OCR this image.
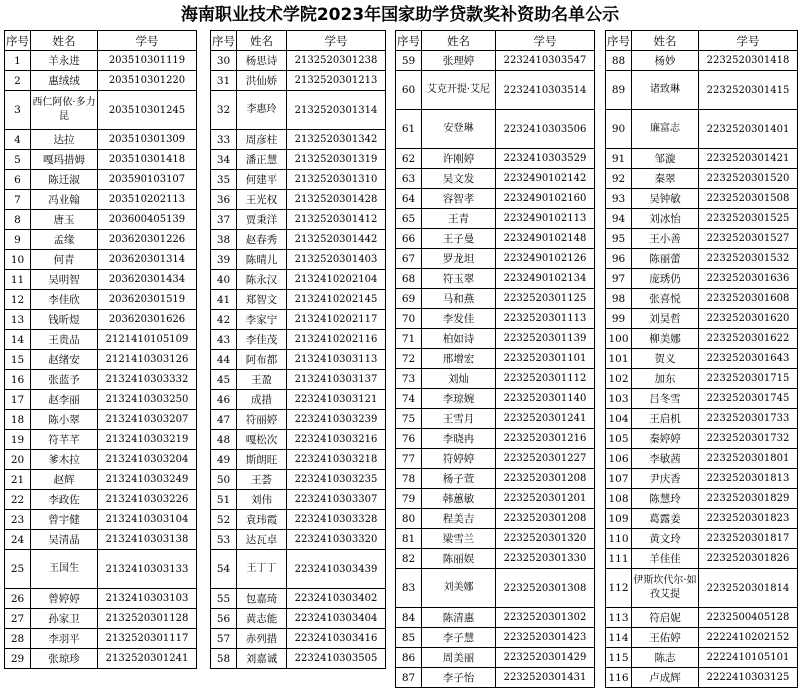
海南职业技术学院2023年国家助学贷款奖补资助名单公示
序号	姓名	学号
1	羊永进	203510301119
2	惠绒绒	203510301220
3	西仁阿依·多力昆	203510301245
4	达拉	203510301309
5	嘎玛措姆	203510301418
6	陈迁淑	203590103107
7	冯业翰	203510202113
8	唐玉	203600405139
9	孟缘	203620301226
10	何青	203620301314
11	吴明智	203620301434
12	李佳欣	203620301519
13	钱昕煜	203620301626
14	王贵品	2121410105109
15	赵绪安	2121410303126
16	张蓝予	2132410303332
17	赵李丽	2132410303250
18	陈小翠	2132410303207
19	符芊芊	2132410303219
20	爹木拉	2132410303204
21	赵辉	2132410303249
22	李政佐	2132410303226
23	曾宇健	2132410303104
24	吴清晶	2132410303138
25	王国生	2132410303133
26	曾婷婷	2132410303103
27	孙家卫	2132520301128
28	李羽平	2132520301117
29	张琼珍	2132520301241
序号	姓名	学号
30	杨思诗	2132520301238
31	洪仙娇	2132520301213
32	李惠玲	2132520301314
33	周彦柱	2132520301342
34	潘正慧	2132520301319
35	何建平	2132520301310
36	王光权	2132520301428
37	贾秉洋	2132520301412
38	赵春秀	2132520301442
39	陈晴儿	2132520301403
40	陈永汉	2132410202104
41	郑智文	2132410202145
42	李家宁	2132410202117
43	李佳茂	2132410202116
44	阿布都	2132410303113
45	王盈	2132410303137
46	成措	2232410303121
47	符丽婷	2232410303239
48	嘎松次	2232410303216
49	斯朗旺	2232410303218
50	王荟	2232410303235
51	刘伟	2232410303307
52	袁玮霞	2232410303328
53	达瓦卓	2232410303320
54	王丁丁	2232410303439
55	包嘉琦	2232410303402
56	黄志能	2232410303404
57	赤列措	2232410303416
58	刘嘉诚	2232410303505
序号	姓名	学号
59	张理婷	2232410303547
60	艾克开提·艾尼	2232410303514
61	安登琳	2232410303506
62	许刚婷	2232410303529
63	吴文发	2232490102142
64	容智孝	2232490102160
65	王青	2232490102113
66	王子曼	2232490102148
67	罗龙坦	2232490102126
68	符玉翠	2232490102134
69	马和燕	2232520301125
70	李发佳	2232520301113
71	柏如诗	2232520301139
72	邢增宏	2232520301101
73	刘灿	2232520301112
74	李琼婉	2232520301140
75	王雪月	2232520301241
76	李晓冉	2232520301216
77	符婷婷	2232520301227
78	杨子萱	2232520301208
79	韩蕙敏	2232520301201
80	程美吉	2232520301208
81	梁雪兰	2232520301320
82	陈丽娱	2232520301330
83	刘美娜	2232520301308
84	陈清惠	2232520301302
85	李子慧	2232520301423
86	周美丽	2232520301429
87	李子怡	2232520301431
序号	姓名	学号
88	杨妙	2232520301418
89	诸致琳	2232520301415
90	廉富志	2232520301401
91	邹漩	2232520301421
92	秦翠	2232520301520
93	吴钟敏	2232520301508
94	刘冰怡	2232520301525
95	王小善	2232520301527
96	陈丽蕾	2232520301532
97	庞琇仍	2232520301636
98	张喜悦	2232520301608
99	刘昊哲	2232520301620
100	柳美娜	2232520301622
101	贺义	2232520301643
102	加东	2232520301715
103	吕冬雪	2232520301745
104	王启机	2232520301733
105	秦婷婷	2232520301732
106	李敏茜	2232520301801
107	尹庆香	2232520301813
108	陈慧玲	2232520301829
109	葛露姜	2232520301823
110	黄文玲	2232520301817
111	羊佳佳	2232520301826
112	伊斯坎代尔·如孜艾提	2232520301814
113	符启妮	2232500405128
114	王佑婷	2222410202152
115	陈志	2222410105101
116	卢成辉	2222410303125
